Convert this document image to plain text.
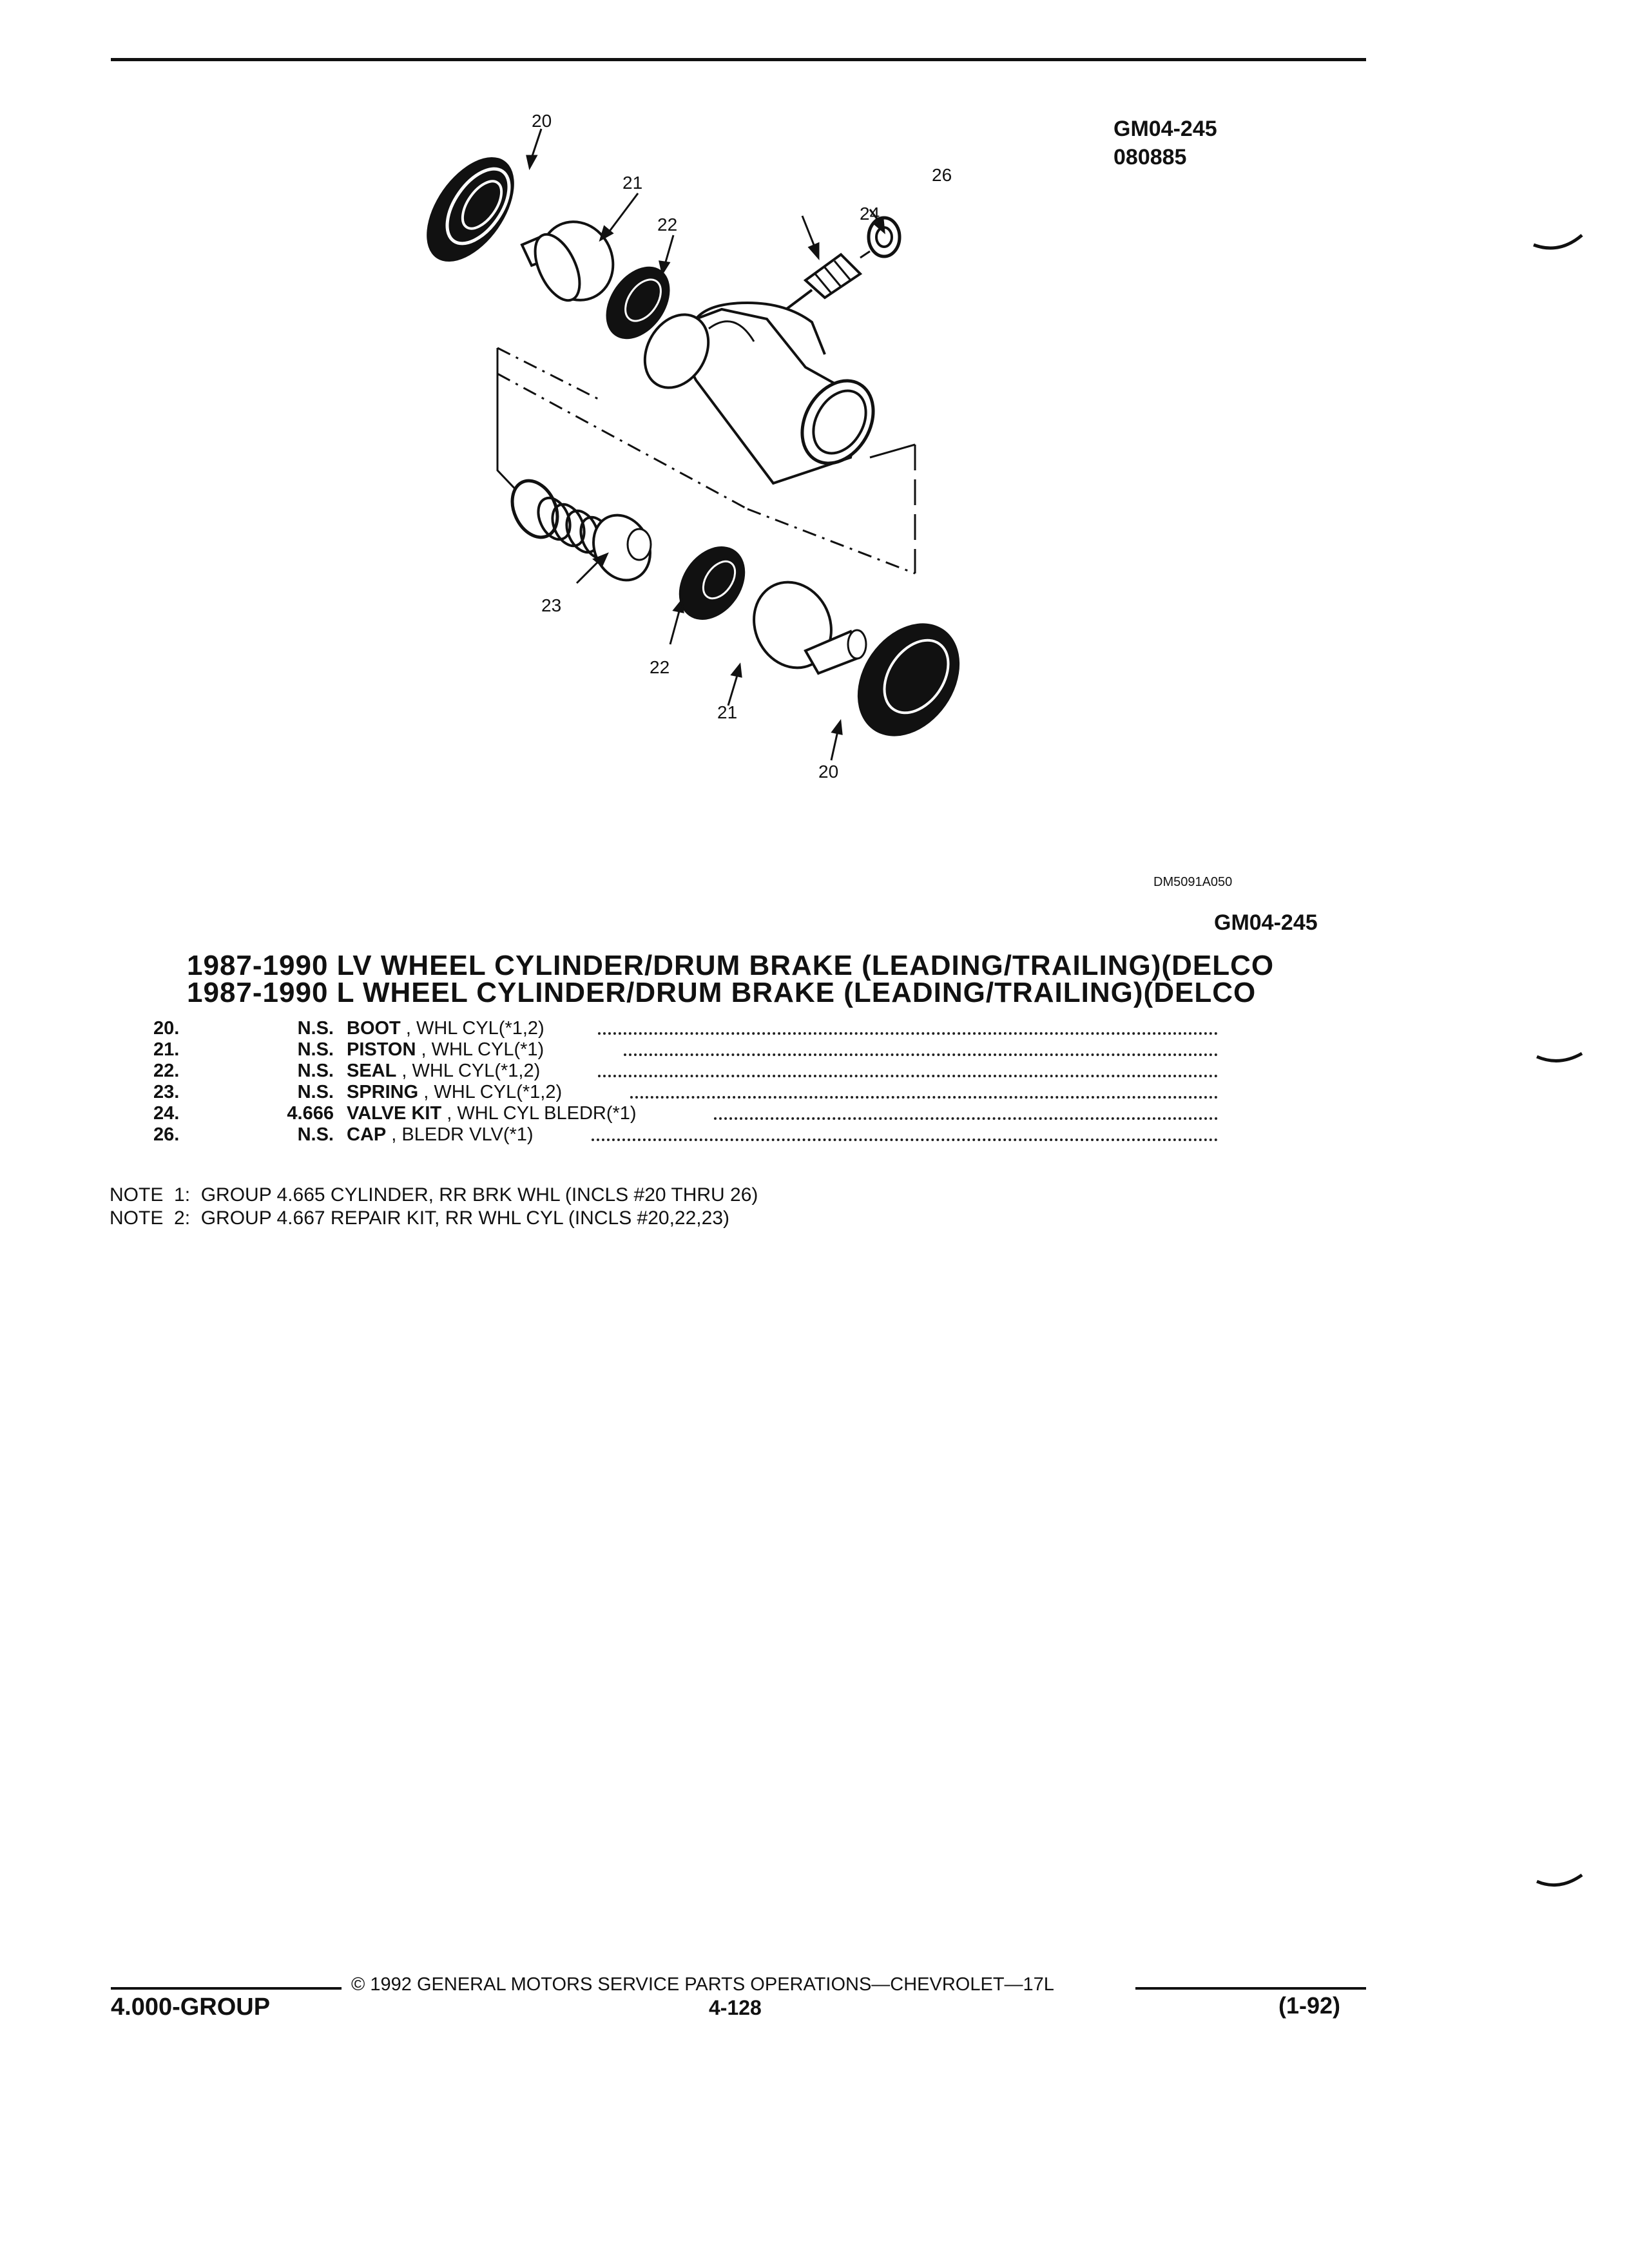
GM04-245
080885
20
21
22
26
24
23
22
21
20
DM5091A050
GM04-245
1987-1990 LV WHEEL CYLINDER/DRUM BRAKE (LEADING/TRAILING)(DELCO
1987-1990 L WHEEL CYLINDER/DRUM BRAKE (LEADING/TRAILING)(DELCO
20.	N.S. BOOT , WHL CYL(*1,2)
21.	N.S. PISTON , WHL CYL(*1)
22.	N.S. SEAL , WHL CYL(*1,2)
23.	N.S. SPRING , WHL CYL(*1,2)
24.	4.666 VALVE KIT , WHL CYL BLEDR(*1)
26.	N.S. CAP , BLEDR VLV(*1)
NOTE  1:  GROUP 4.665 CYLINDER, RR BRK WHL (INCLS #20 THRU 26)
NOTE  2:  GROUP 4.667 REPAIR KIT, RR WHL CYL (INCLS #20,22,23)
© 1992 GENERAL MOTORS SERVICE PARTS OPERATIONS—CHEVROLET—17L
4.000-GROUP	4-128	(1-92)
